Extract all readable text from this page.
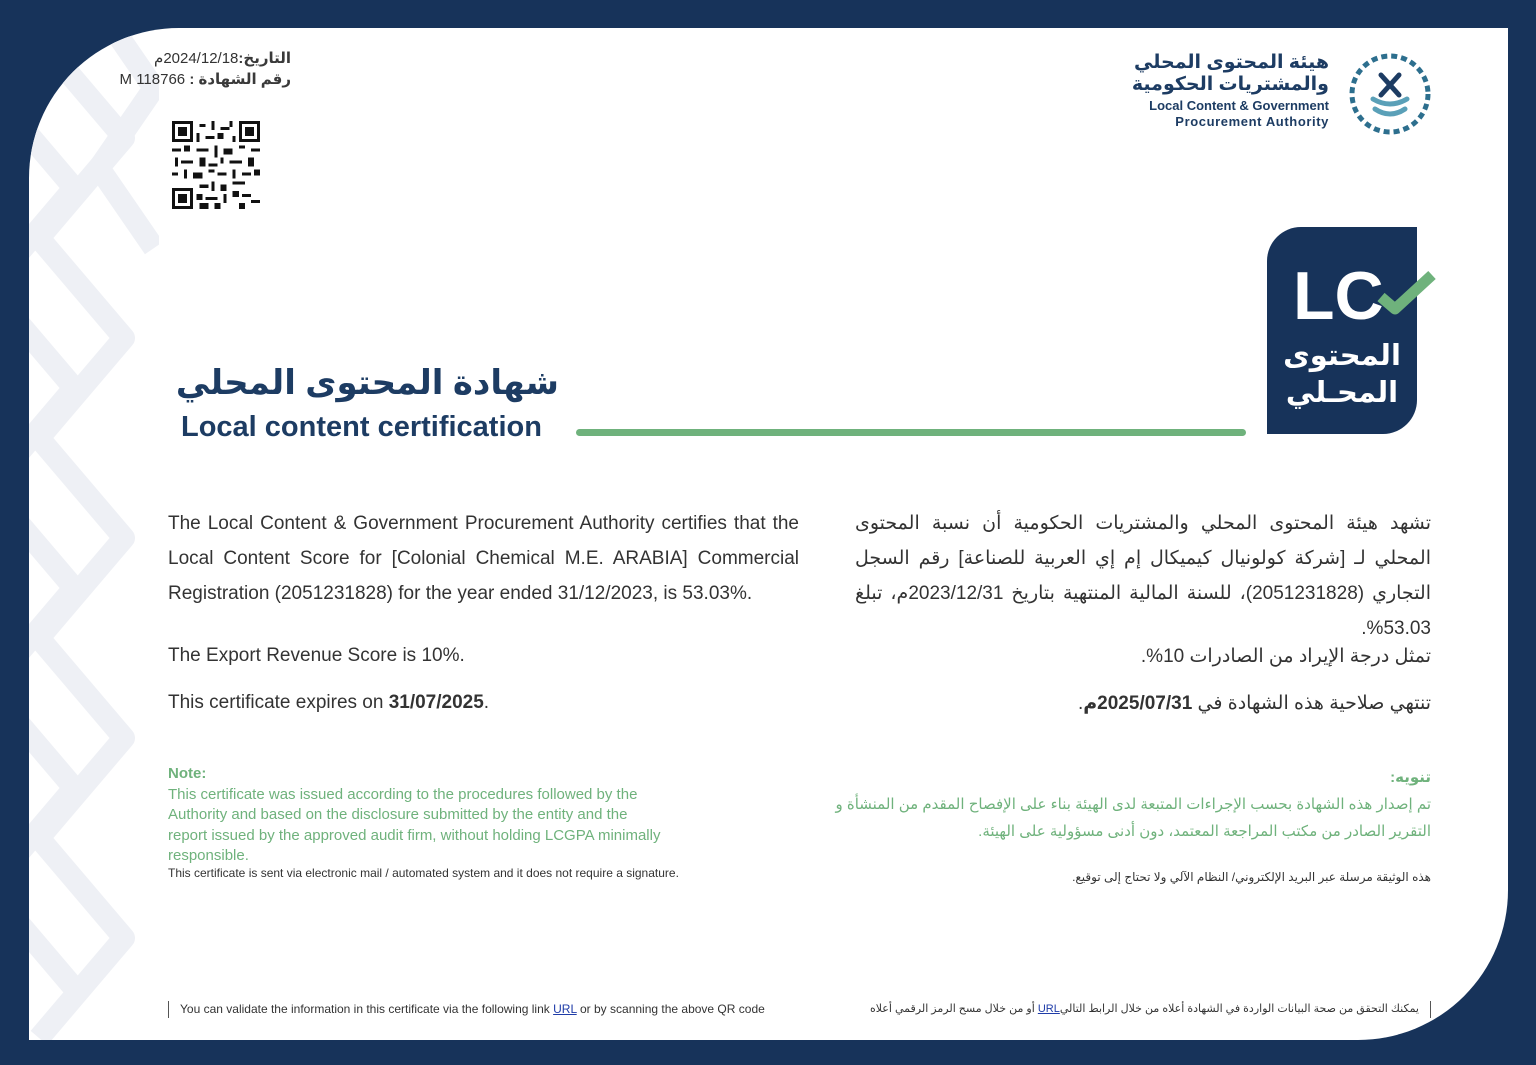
التاريخ:2024/12/18م
رقم الشهادة : M 118766
هيئة المحتوى المحلي
والمشتريات الحكومية
Local Content & Government
Procurement Authority
LC
المحتوى
المحـلي
شهادة المحتوى المحلي
Local content certification
The Local Content & Government Procurement Authority certifies that the Local Content Score for [Colonial Chemical M.E. ARABIA] Commercial Registration (2051231828) for the year ended 31/12/2023, is 53.03%.
The Export Revenue Score is 10%.
This certificate expires on 31/07/2025.
تشهد هيئة المحتوى المحلي والمشتريات الحكومية أن نسبة المحتوى المحلي لـ [شركة كولونيال كيميكال إم إي العربية للصناعة] رقم السجل التجاري (2051231828)، للسنة المالية المنتهية بتاريخ 2023/12/31م، تبلغ 53.03%.
تمثل درجة الإيراد من الصادرات 10%.
تنتهي صلاحية هذه الشهادة في 2025/07/31م.
Note:
This certificate was issued according to the procedures followed by the Authority and based on the disclosure submitted by the entity and the report issued by the approved audit firm, without holding LCGPA minimally responsible.
This certificate is sent via electronic mail / automated system and it does not require a signature.
تنويه:
تم إصدار هذه الشهادة بحسب الإجراءات المتبعة لدى الهيئة بناء على الإفصاح المقدم من المنشأة و التقرير الصادر من مكتب المراجعة المعتمد، دون أدنى مسؤولية على الهيئة.
هذه الوثيقة مرسلة عبر البريد الإلكتروني/ النظام الآلي ولا تحتاج إلى توقيع.
You can validate the information in this certificate via the following link URL or by scanning the above QR code	يمكنك التحقق من صحة البيانات الواردة في الشهادة أعلاه من خلال الرابط التاليURL أو من خلال مسح الرمز الرقمي أعلاه
